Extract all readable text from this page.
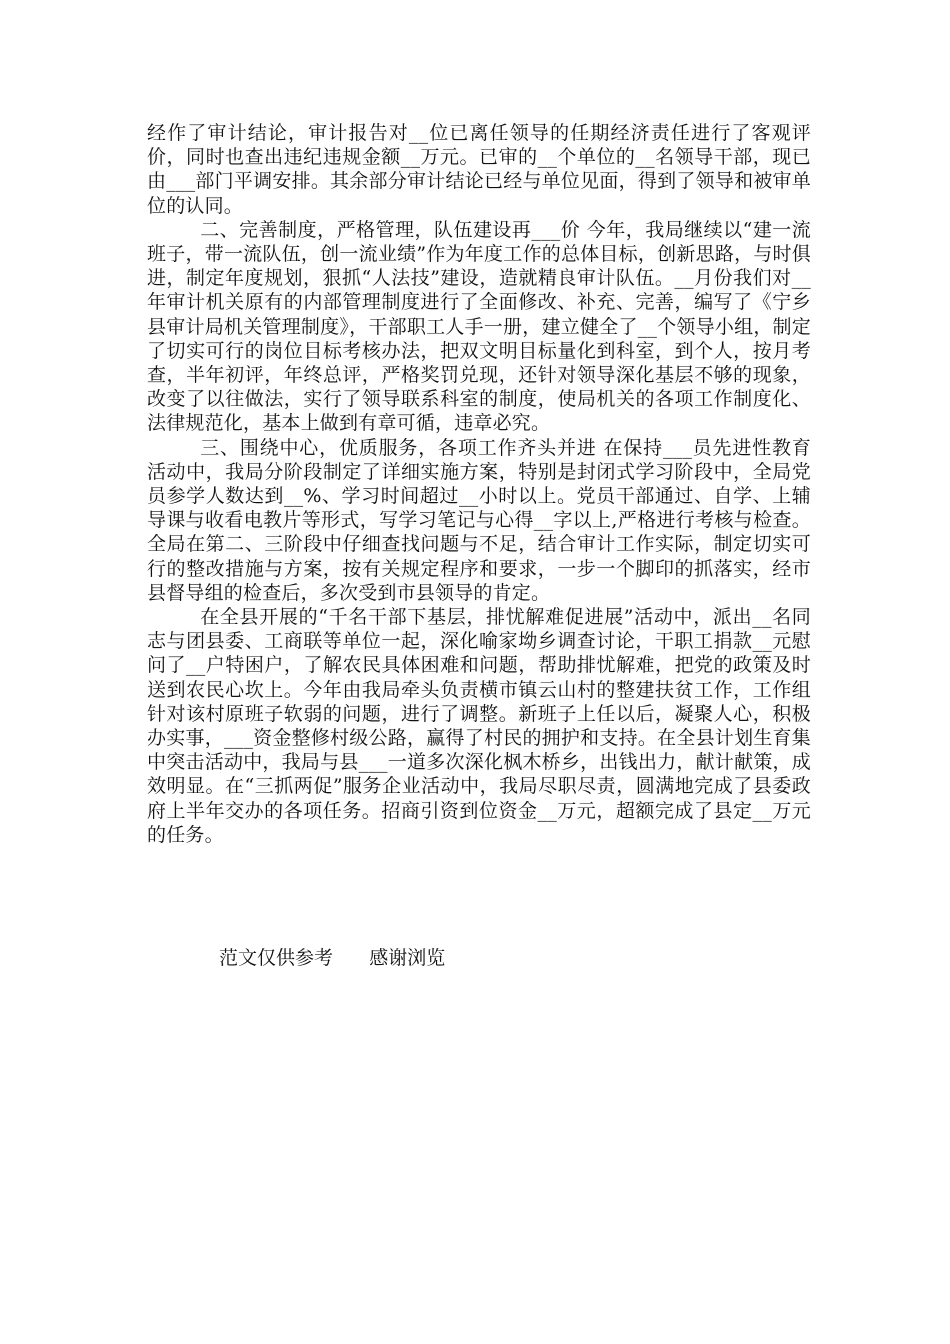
经作了审计结论，审计报告对__位已离任领导的任期经济责任进行了客观评价，同时也查出违纪违规金额__万元。已审的__个单位的__名领导干部，现已由___部门平调安排。其余部分审计结论已经与单位见面，得到了领导和被审单位的认同。

二、完善制度，严格管理，队伍建设再___价 今年，我局继续以“建一流班子，带一流队伍，创一流业绩”作为年度工作的总体目标，创新思路，与时俱进，制定年度规划，狠抓“人法技”建设，造就精良审计队伍。__月份我们对__年审计机关原有的内部管理制度进行了全面修改、补充、完善，编写了《宁乡县审计局机关管理制度》，干部职工人手一册，建立健全了__个领导小组，制定了切实可行的岗位目标考核办法，把双文明目标量化到科室，到个人，按月考查，半年初评，年终总评，严格奖罚兑现，还针对领导深化基层不够的现象，改变了以往做法，实行了领导联系科室的制度，使局机关的各项工作制度化、法律规范化，基本上做到有章可循，违章必究。

三、围绕中心，优质服务，各项工作齐头并进 在保持___员先进性教育活动中，我局分阶段制定了详细实施方案，特别是封闭式学习阶段中，全局党员参学人数达到__%、学习时间超过__小时以上。党员干部通过、自学、上辅导课与收看电教片等形式，写学习笔记与心得__字以上,严格进行考核与检查。全局在第二、三阶段中仔细查找问题与不足，结合审计工作实际，制定切实可行的整改措施与方案，按有关规定程序和要求，一步一个脚印的抓落实，经市县督导组的检查后，多次受到市县领导的肯定。

在全县开展的“千名干部下基层，排忧解难促进展”活动中，派出__名同志与团县委、工商联等单位一起，深化喻家坳乡调查讨论，干职工捐款__元慰问了__户特困户，了解农民具体困难和问题，帮助排忧解难，把党的政策及时送到农民心坎上。今年由我局牵头负责横市镇云山村的整建扶贫工作，工作组针对该村原班子软弱的问题，进行了调整。新班子上任以后，凝聚人心，积极办实事，___资金整修村级公路，赢得了村民的拥护和支持。在全县计划生育集中突击活动中，我局与县___一道多次深化枫木桥乡，出钱出力，献计献策，成效明显。在“三抓两促”服务企业活动中，我局尽职尽责，圆满地完成了县委政府上半年交办的各项任务。招商引资到位资金__万元，超额完成了县定__万元的任务。

范文仅供参考 感谢浏览
